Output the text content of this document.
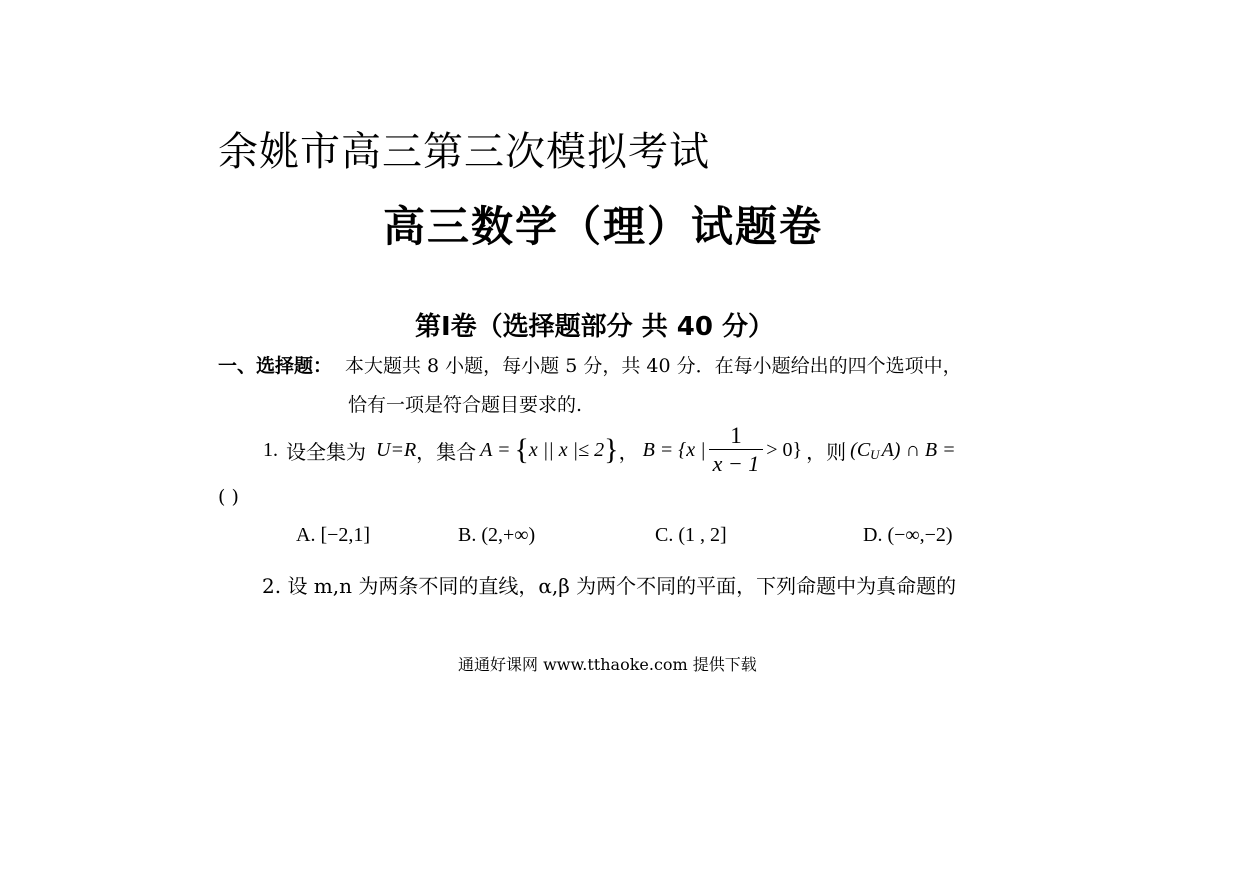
余姚市高三第三次模拟考试
高三数学（理）试题卷
第Ⅰ卷（选择题部分 共 40 分）
一、选择题： 本大题共 8 小题，每小题 5 分，共 40 分．在每小题给出的四个选项中，
恰有一项是符合题目要求的.
1. 设全集为 U=R ，集合 A = { x || x |≤ 2 } ， B = {x | $\frac{1}{x - 1} > 0$} ，则 (C U A) ∩ B =
( )
A. [−2,1]	B. (2,+∞)	C. (1 , 2]	D. (−∞,−2)
2. 设 m,n 为两条不同的直线，α,β 为两个不同的平面，下列命题中为真命题的
通通好课网 www.tthaoke.com 提供下载
